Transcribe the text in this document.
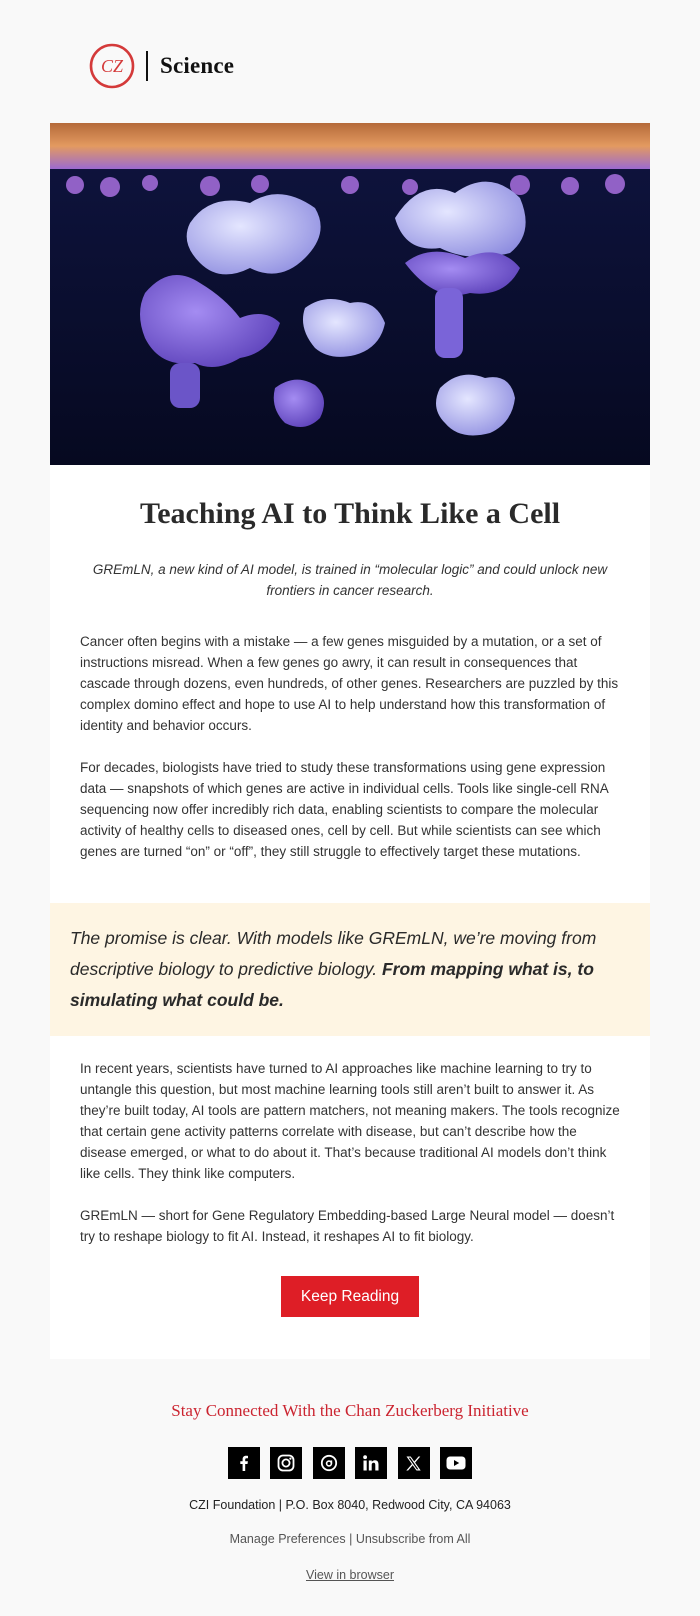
CZ Science
Teaching AI to Think Like a Cell

GREmLN, a new kind of AI model, is trained in “molecular logic” and could unlock new frontiers in cancer research.

Cancer often begins with a mistake — a few genes misguided by a mutation, or a set of instructions misread. When a few genes go awry, it can result in consequences that cascade through dozens, even hundreds, of other genes. Researchers are puzzled by this complex domino effect and hope to use AI to help understand how this transformation of identity and behavior occurs.

For decades, biologists have tried to study these transformations using gene expression data — snapshots of which genes are active in individual cells. Tools like single-cell RNA sequencing now offer incredibly rich data, enabling scientists to compare the molecular activity of healthy cells to diseased ones, cell by cell. But while scientists can see which genes are turned “on” or “off”, they still struggle to effectively target these mutations.

The promise is clear. With models like GREmLN, we’re moving from descriptive biology to predictive biology. From mapping what is, to simulating what could be.

In recent years, scientists have turned to AI approaches like machine learning to try to untangle this question, but most machine learning tools still aren’t built to answer it. As they’re built today, AI tools are pattern matchers, not meaning makers. The tools recognize that certain gene activity patterns correlate with disease, but can’t describe how the disease emerged, or what to do about it. That’s because traditional AI models don’t think like cells. They think like computers.

GREmLN — short for Gene Regulatory Embedding-based Large Neural model — doesn’t try to reshape biology to fit AI. Instead, it reshapes AI to fit biology.

Keep Reading
Stay Connected With the Chan Zuckerberg Initiative
CZI Foundation | P.O. Box 8040, Redwood City, CA 94063
Manage Preferences | Unsubscribe from All
View in browser
